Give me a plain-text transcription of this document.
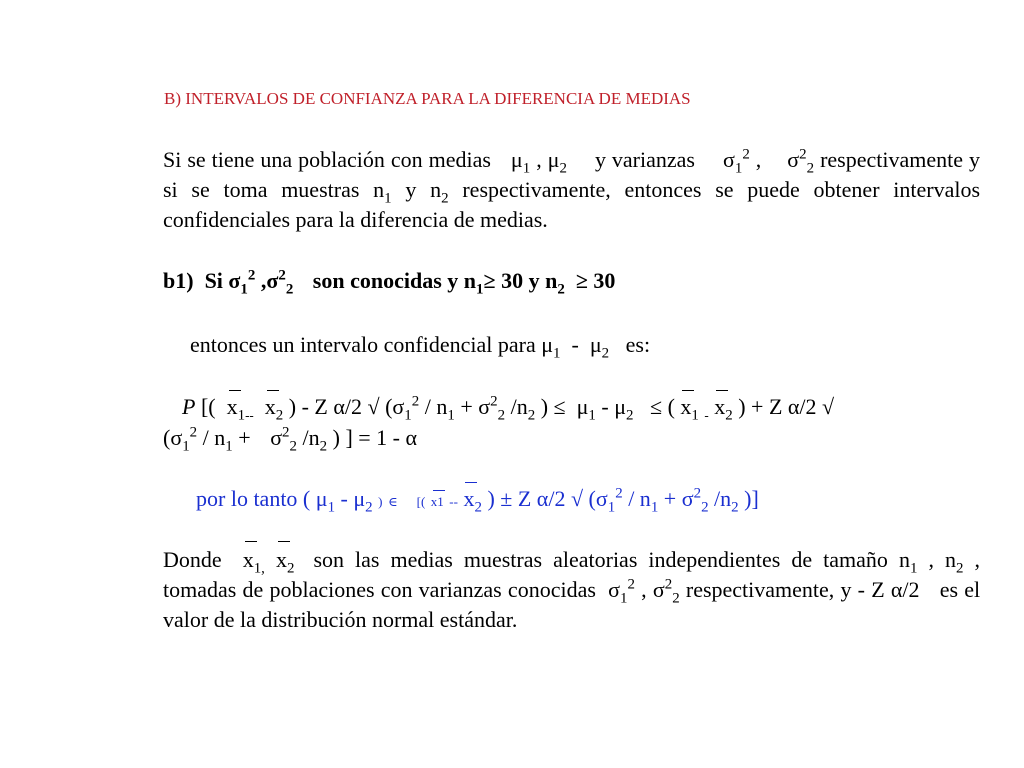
B) INTERVALOS DE CONFIANZA PARA LA DIFERENCIA DE MEDIAS
Si se tiene una población con medias $\mu_1$ , $\mu_2$ y varianzas $\sigma_1^2$ , $\sigma^2_2$ respectivamente y si se toma muestras $n_1$ y $n_2$ respectivamente, entonces se puede obtener intervalos confidenciales para la diferencia de medias.
b1) Si $\sigma_1^2$ $,\sigma^2_2$ son conocidas y $n_1\ge 30$ y $n_2 \ge 30$
entonces un intervalo confidencial para $\mu_1 - \mu_2$ es:
P [( $x_{1--}$ $x_2$ ) - Z α/2 √ ($\sigma_1^2 / n_1 + \sigma^2_2$ $/n_2$ ) ≤ $\mu_1 - \mu_2$ ≤ ( $x_1$ $_-$ $x_2$ ) + Z α/2 √
($\sigma_1^2 / n_1 + \sigma^2_2$ $/n_2$ ) ] = 1 - α
por lo tanto ( $\mu_1 - \mu_2$ ) ∈ [( $x1 -- x_2$ ) ± Z α/2 √ ($\sigma_1^2 / n_1 + \sigma^2_2$ $/n_2$ )]
Donde $x_{1,}$ $x_2$ son las medias muestras aleatorias independientes de tamaño $n_1$ , $n_2$ , tomadas de poblaciones con varianzas conocidas $\sigma_1^2$ , $\sigma^2_2$ respectivamente, y - Z α/2 es el valor de la distribución normal estándar.
